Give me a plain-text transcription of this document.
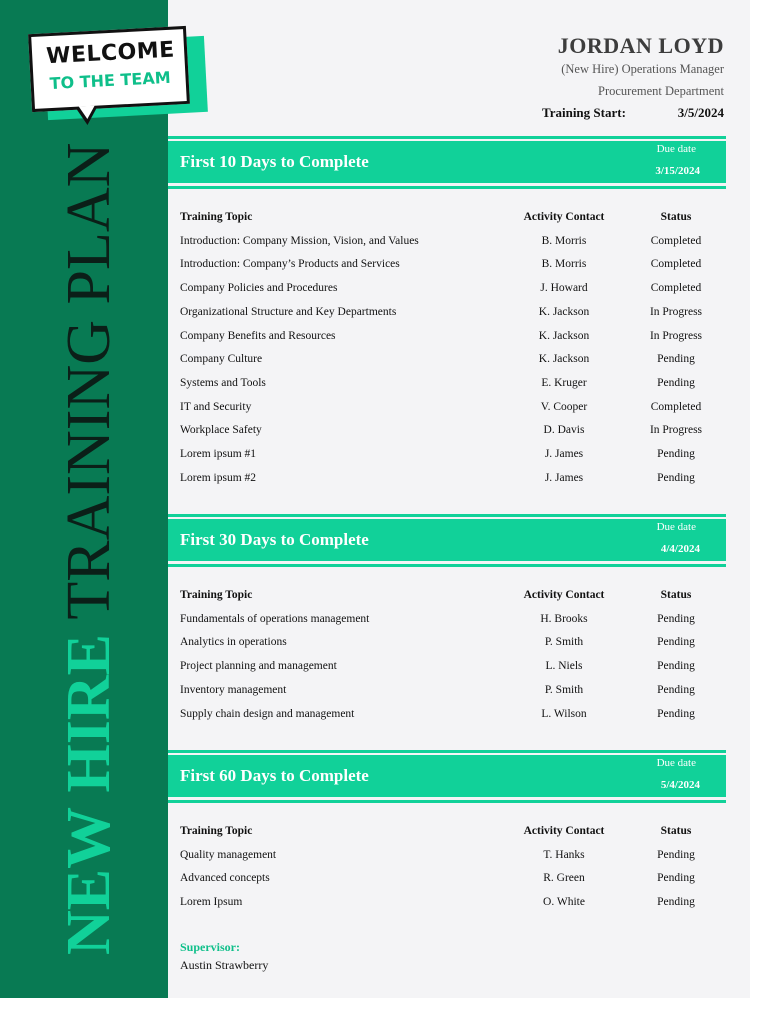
WELCOME
TO THE TEAM
NEW HIRE TRAINING PLAN
JORDAN LOYD
(New Hire) Operations Manager
Procurement Department
Training Start:	3/5/2024
First 10 Days to Complete
Due date
3/15/2024
Training Topic	Activity Contact	Status
Introduction: Company Mission, Vision, and Values	B. Morris	Completed
Introduction: Company’s Products and Services	B. Morris	Completed
Company Policies and Procedures	J. Howard	Completed
Organizational Structure and Key Departments	K. Jackson	In Progress
Company Benefits and Resources	K. Jackson	In Progress
Company Culture	K. Jackson	Pending
Systems and Tools	E. Kruger	Pending
IT and Security	V. Cooper	Completed
Workplace Safety	D. Davis	In Progress
Lorem ipsum #1	J. James	Pending
Lorem ipsum #2	J. James	Pending
First 30 Days to Complete
Due date
4/4/2024
Training Topic	Activity Contact	Status
Fundamentals of operations management	H. Brooks	Pending
Analytics in operations	P. Smith	Pending
Project planning and management	L. Niels	Pending
Inventory management	P. Smith	Pending
Supply chain design and management	L. Wilson	Pending
First 60 Days to Complete
Due date
5/4/2024
Training Topic	Activity Contact	Status
Quality management	T. Hanks	Pending
Advanced concepts	R. Green	Pending
Lorem Ipsum	O. White	Pending
Supervisor:
Austin Strawberry
